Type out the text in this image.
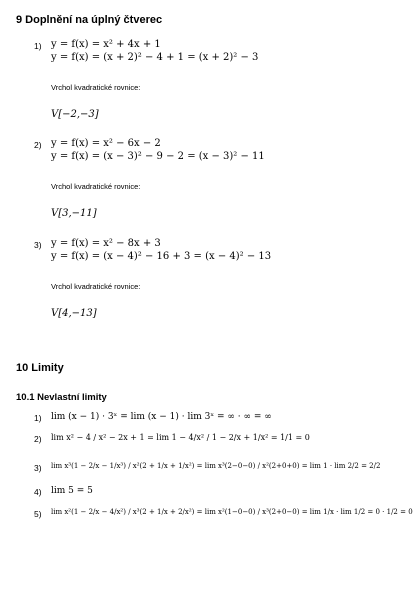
9 Doplnění na úplný čtverec
1) y = f(x) = x² + 4x + 1
y = f(x) = (x + 2)² − 4 + 1 = (x + 2)² − 3
Vrchol kvadratické rovnice:
V[−2,−3]
2) y = f(x) = x² − 6x − 2
y = f(x) = (x − 3)² − 9 − 2 = (x − 3)² − 11
Vrchol kvadratické rovnice:
V[3,−11]
3) y = f(x) = x² − 8x + 3
y = f(x) = (x − 4)² − 16 + 3 = (x − 4)² − 13
Vrchol kvadratické rovnice:
V[4,−13]
10 Limity
10.1 Nevlastní limity
1) lim (x − 1) · 3ˣ = lim (x − 1) · lim 3ˣ = ∞ · ∞ = ∞
2) lim x² − 4 / x² − 2x + 1 = lim 1 − 4/x² / 1 − 2/x + 1/x² = 1/1 = 0
3) lim x³(1 − 2/x − 1/x³) / x²(2 + 1/x + 1/x²) = lim x³(2−0−0) / x²(2+0+0) = lim 1 · lim 2/2 = 2/2
4) lim 5 = 5
5) lim x²(1 − 2/x − 4/x²) / x³(2 + 1/x + 2/x²) = lim x²(1−0−0) / x³(2+0−0) = lim 1/x · lim 1/2 = 0 · 1/2 = 0
